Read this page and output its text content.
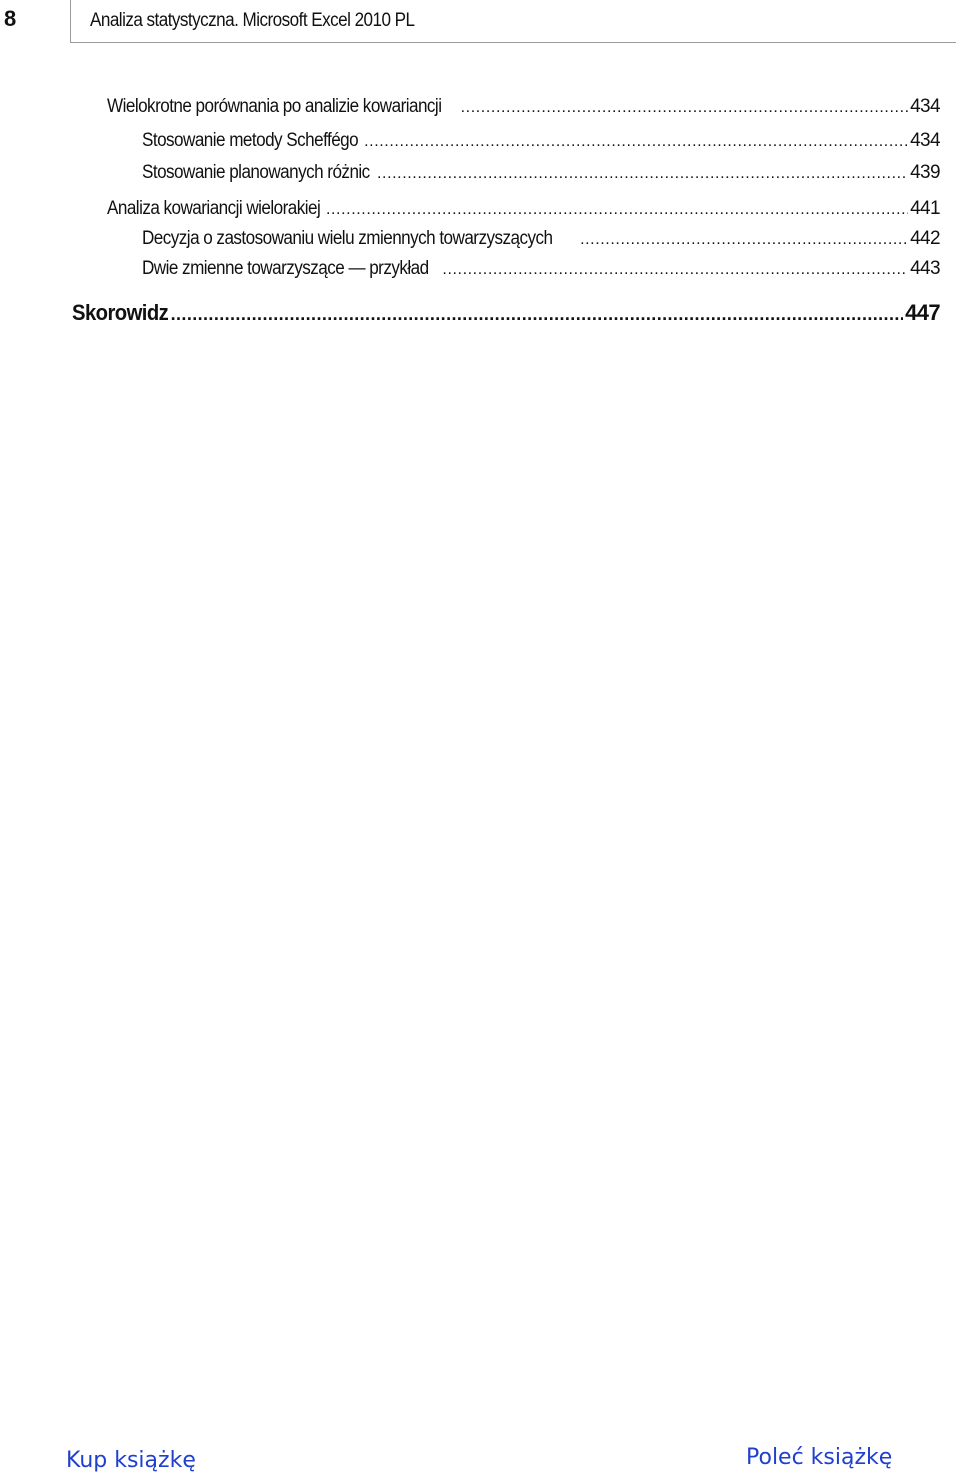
8	Analiza statystyczna. Microsoft Excel 2010 PL
Wielokrotne porównania po analizie kowariancji .....	434
Stosowanie metody Scheffégo .....	434
Stosowanie planowanych różnic .....	439
Analiza kowariancji wielorakiej .....	441
Decyzja o zastosowaniu wielu zmiennych towarzyszących .....	442
Dwie zmienne towarzyszące — przykład .....	443
Skorowidz .....	447
Kup książkę	Poleć książkę
